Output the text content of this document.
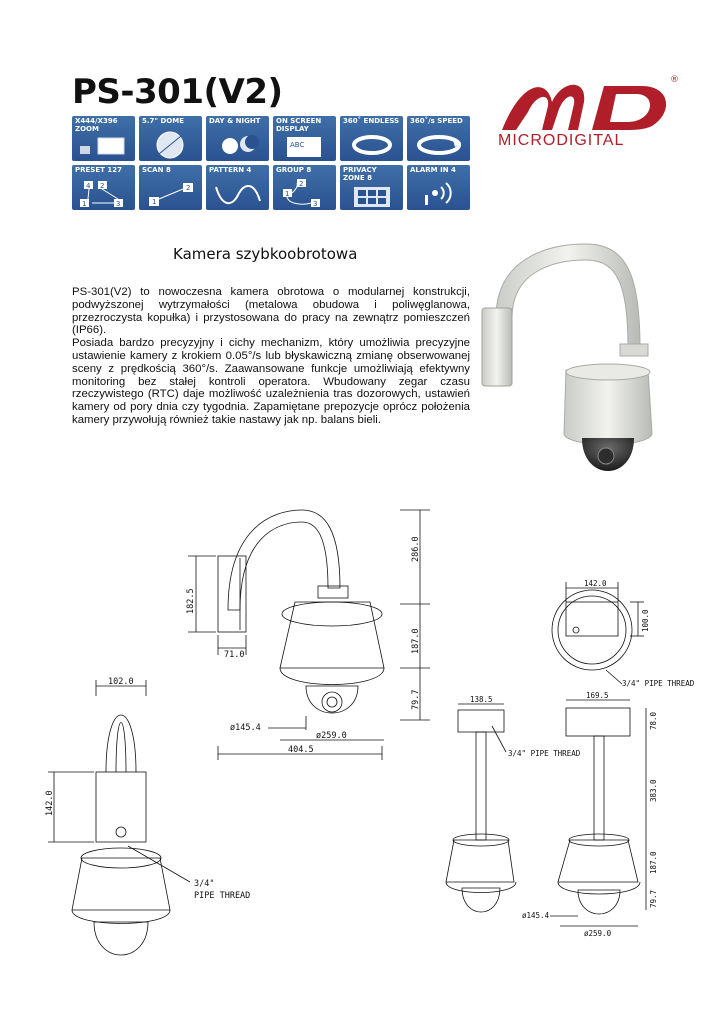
PS-301(V2)	®
MICRODIGITAL
X444/X396
ZOOM
5.7" DOME	DAY & NIGHT	ON SCREEN
DISPLAY
ABC
360˚ ENDLESS 360˚/s SPEED
PRESET 127
4 2
1	3
SCAN 8
2
1
PATTERN 4	GROUP 8
2
1
3
PRIVACY
ZONE 8
ALARM IN 4
Kamera szybkoobrotowa

PS-301(V2) to nowoczesna kamera obrotowa o modularnej konstrukcji, podwyższonej wytrzymałości (metalowa obudowa i poliwęglanowa, przezroczysta kopułka) i przystosowana do pracy na zewnątrz pomieszczeń (IP66).

Posiada bardzo precyzyjny i cichy mechanizm, który umożliwia precyzyjne ustawienie kamery z krokiem 0.05°/s lub błyskawiczną zmianę obserwowanej sceny z prędkością 360°/s. Zaawansowane funkcje umożliwiają efektywny monitoring bez stałej kontroli operatora. Wbudowany zegar czasu rzeczywistego (RTC) daje możliwość uzależnienia tras dozorowych, ustawień kamery od pory dnia czy tygodnia. Zapamiętane prepozycje oprócz położenia kamery przywołują również takie nastawy jak np. balans bieli.

286.0
182.5
187.0
79.7
71.0
ø145.4
ø259.0
404.5
142.0
100.0
3/4" PIPE THREAD
102.0
142.0
3/4"
PIPE THREAD
138.5
3/4" PIPE THREAD
169.5
78.0
383.0
187.0
79.7
ø145.4
ø259.0
